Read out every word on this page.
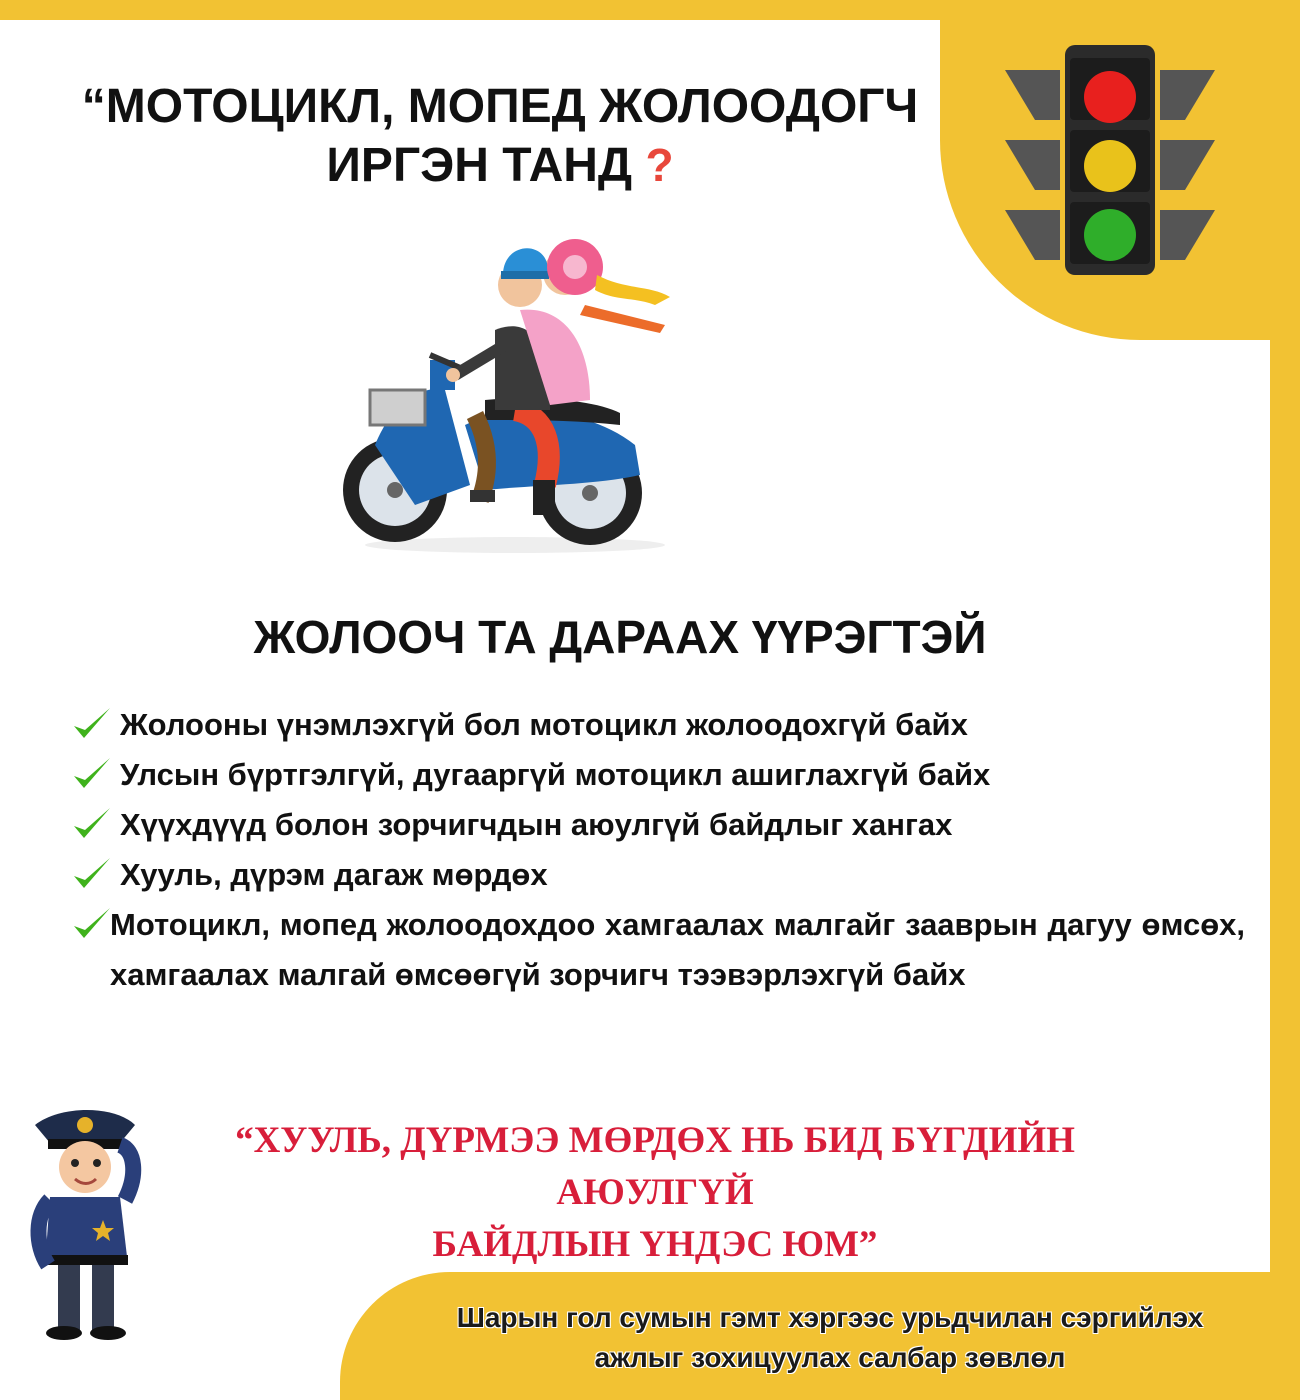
“МОТОЦИКЛ, МОПЕД ЖОЛООДОГЧ
ИРГЭН ТАНД ?
ЖОЛООЧ ТА ДАРААХ ҮҮРЭГТЭЙ
Жолооны үнэмлэхгүй бол мотоцикл жолоодохгүй байх
Улсын бүртгэлгүй, дугааргүй мотоцикл ашиглахгүй байх
Хүүхдүүд болон зорчигчдын аюулгүй байдлыг хангах
Хууль, дүрэм дагаж мөрдөх
Мотоцикл, мопед жолоодохдоо хамгаалах малгайг зааврын дагуу өмсөх, хамгаалах малгай өмсөөгүй зорчигч тээвэрлэхгүй байх

“ХУУЛЬ, ДҮРМЭЭ МӨРДӨХ НЬ БИД БҮГДИЙН АЮУЛГҮЙ
БАЙДЛЫН ҮНДЭС ЮМ”

Шарын гол сумын гэмт хэргээс урьдчилан сэргийлэх
ажлыг зохицуулах салбар зөвлөл
